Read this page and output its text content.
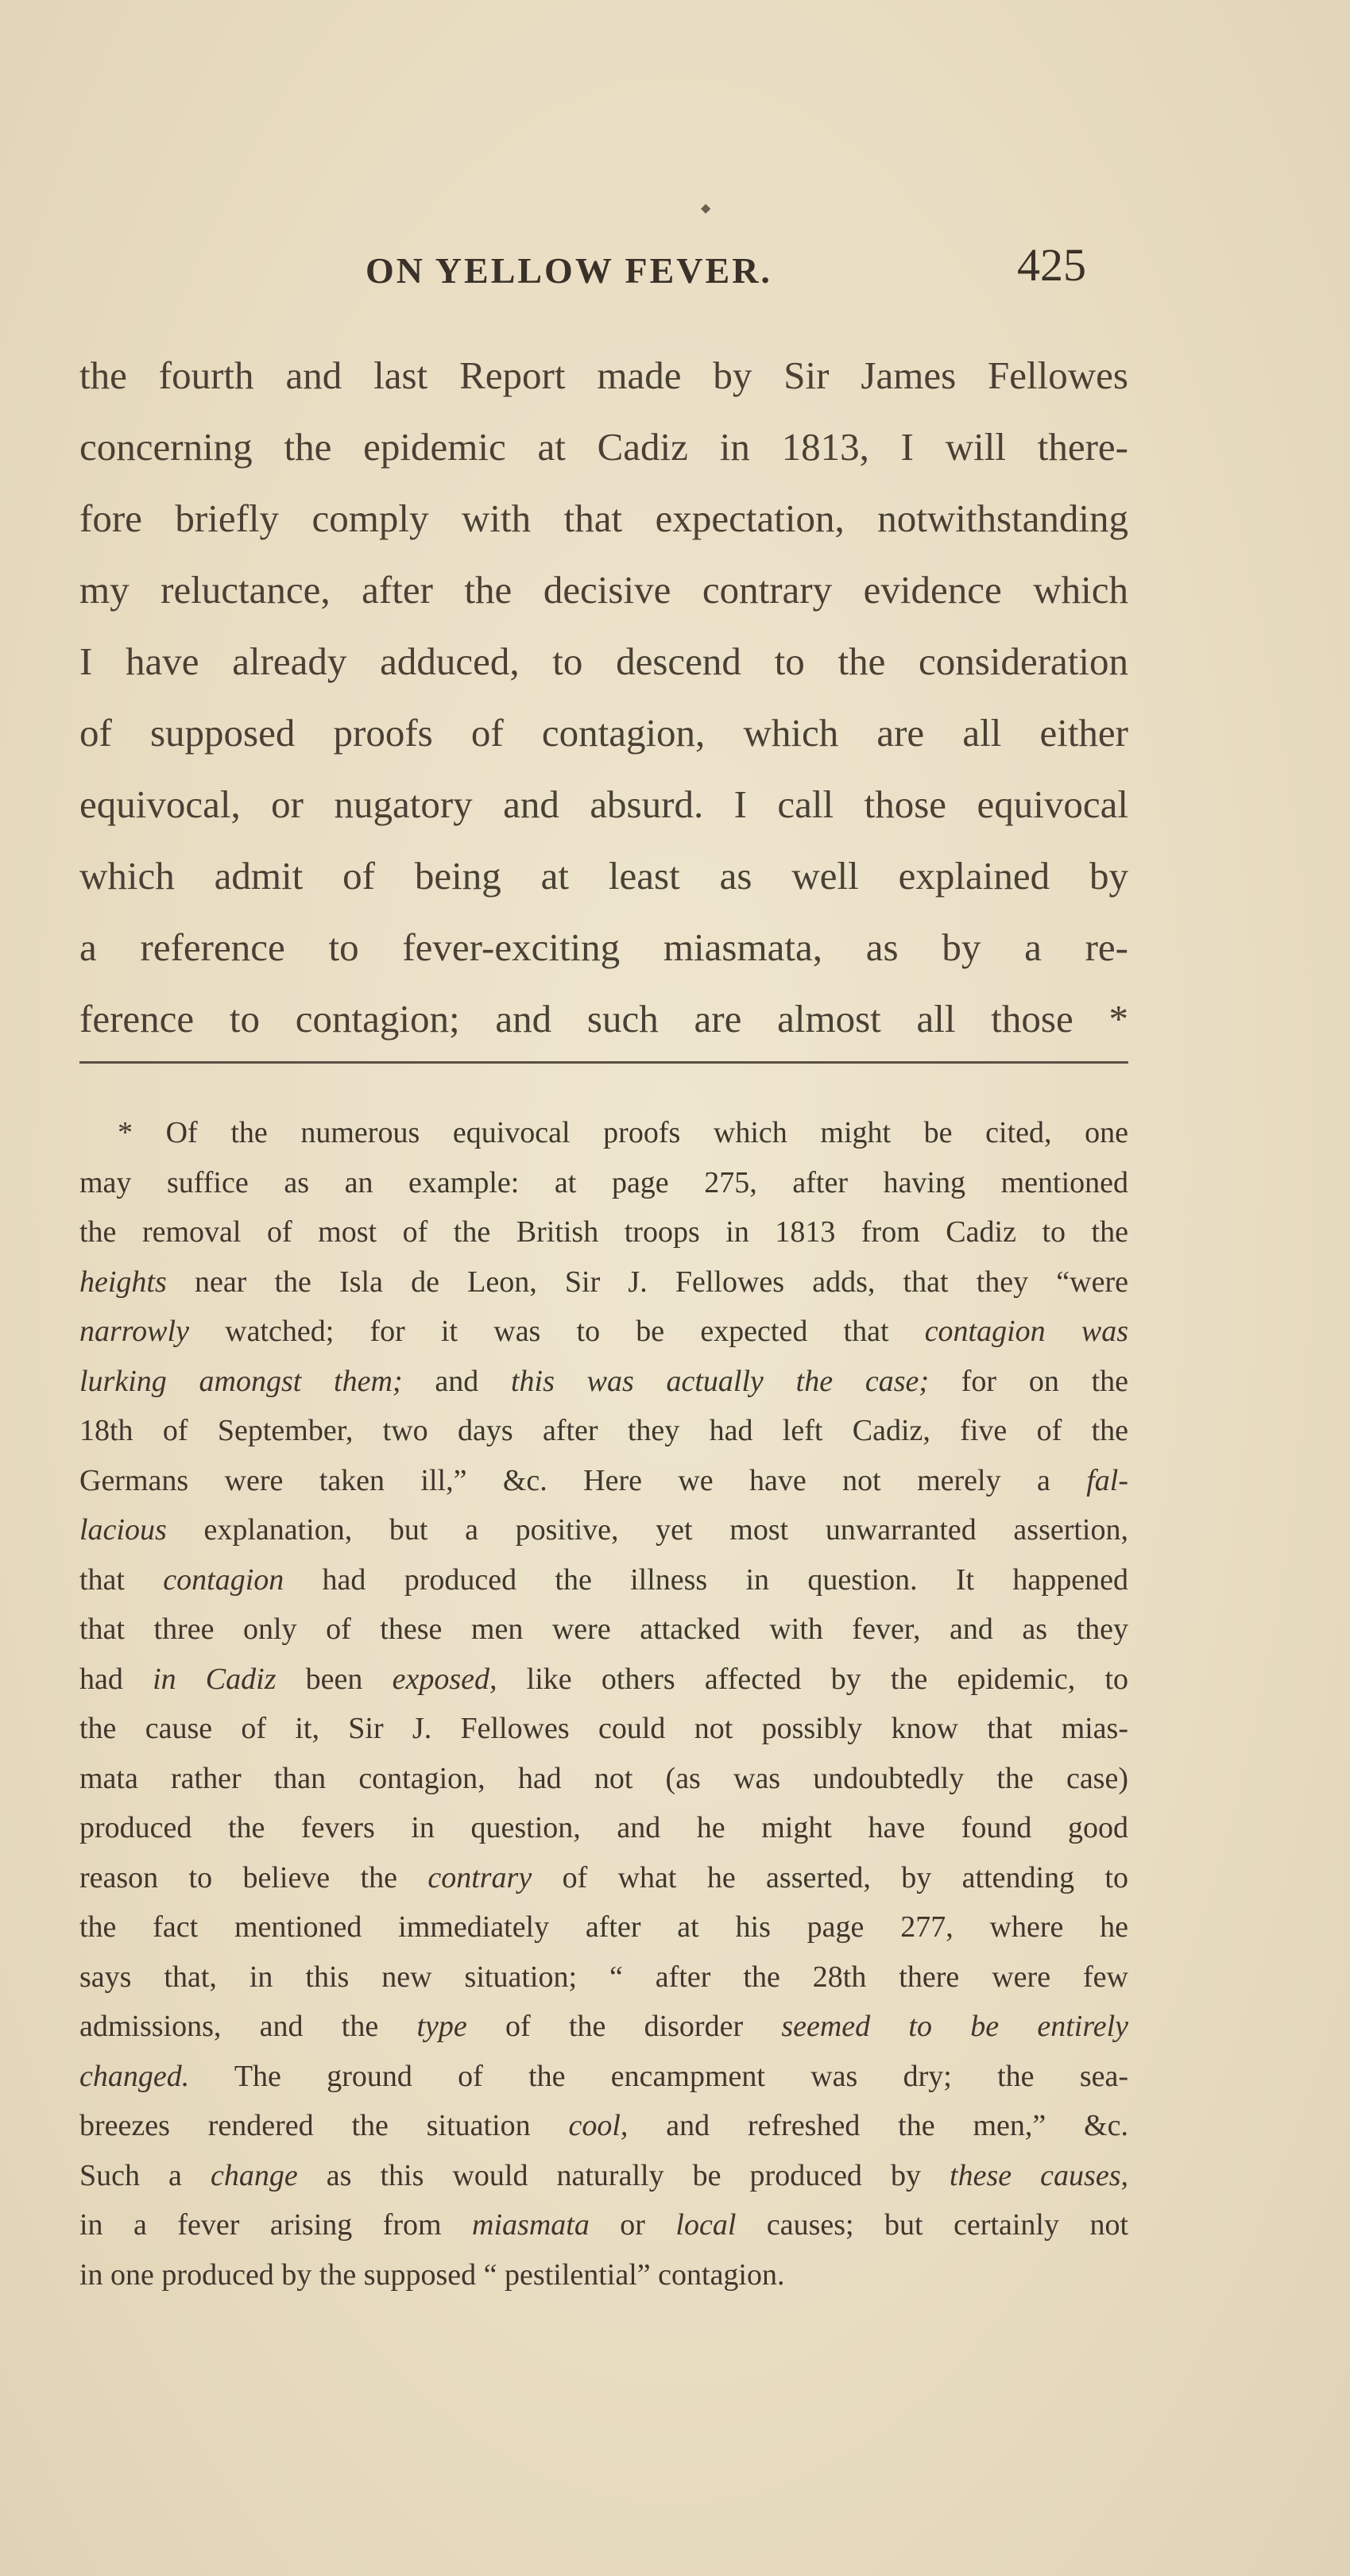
◆
ON YELLOW FEVER.	425
the fourth and last Report made by Sir James Fellowes
concerning the epidemic at Cadiz in 1813, I will there-
fore briefly comply with that expectation, notwithstanding
my reluctance, after the decisive contrary evidence which
I have already adduced, to descend to the consideration
of supposed proofs of contagion, which are all either
equivocal, or nugatory and absurd. I call those equivocal
which admit of being at least as well explained by
a reference to fever-exciting miasmata, as by a re-
ference to contagion; and such are almost all those *
* Of the numerous equivocal proofs which might be cited, one
may suffice as an example: at page 275, after having mentioned
the removal of most of the British troops in 1813 from Cadiz to the
heights near the Isla de Leon, Sir J. Fellowes adds, that they “were
narrowly watched; for it was to be expected that contagion was
lurking amongst them; and this was actually the case; for on the
18th of September, two days after they had left Cadiz, five of the
Germans were taken ill,” &c. Here we have not merely a fal-
lacious explanation, but a positive, yet most unwarranted assertion,
that contagion had produced the illness in question. It happened
that three only of these men were attacked with fever, and as they
had in Cadiz been exposed, like others affected by the epidemic, to
the cause of it, Sir J. Fellowes could not possibly know that mias-
mata rather than contagion, had not (as was undoubtedly the case)
produced the fevers in question, and he might have found good
reason to believe the contrary of what he asserted, by attending to
the fact mentioned immediately after at his page 277, where he
says that, in this new situation; “ after the 28th there were few
admissions, and the type of the disorder seemed to be entirely
changed. The ground of the encampment was dry; the sea-
breezes rendered the situation cool, and refreshed the men,” &c.
Such a change as this would naturally be produced by these causes,
in a fever arising from miasmata or local causes; but certainly not
in one produced by the supposed “ pestilential” contagion.
